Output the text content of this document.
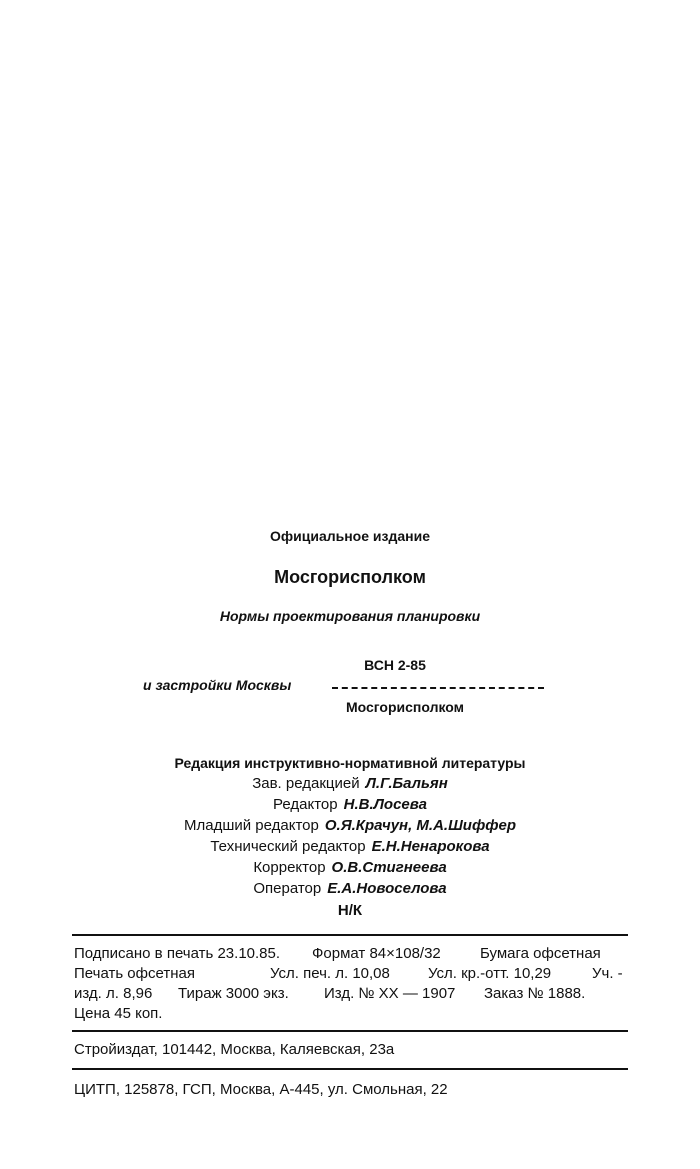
Официальное издание
Мосгорисполком
Нормы проектирования планировки
ВСН 2-85
и застройки Москвы
Мосгорисполком
Редакция инструктивно-нормативной литературы
Зав. редакцией Л.Г.Бальян
Редактор Н.В.Лосева
Младший редактор О.Я.Крачун, М.А.Шиффер
Технический редактор Е.Н.Ненарокова
Корректор О.В.Стигнеева
Оператор Е.А.Новоселова
Н/К
Подписано в печать 23.10.85. Формат 84×108/32	Бумага офсетная
Печать офсетная	Усл. печ. л. 10,08	Усл. кр.-отт. 10,29	Уч. -
изд. л. 8,96 Тираж 3000 экз. Изд. № XX — 1907 Заказ № 1888.
Цена 45 коп.
Стройиздат, 101442, Москва, Каляевская, 23а
ЦИТП, 125878, ГСП, Москва, А-445, ул. Смольная, 22
